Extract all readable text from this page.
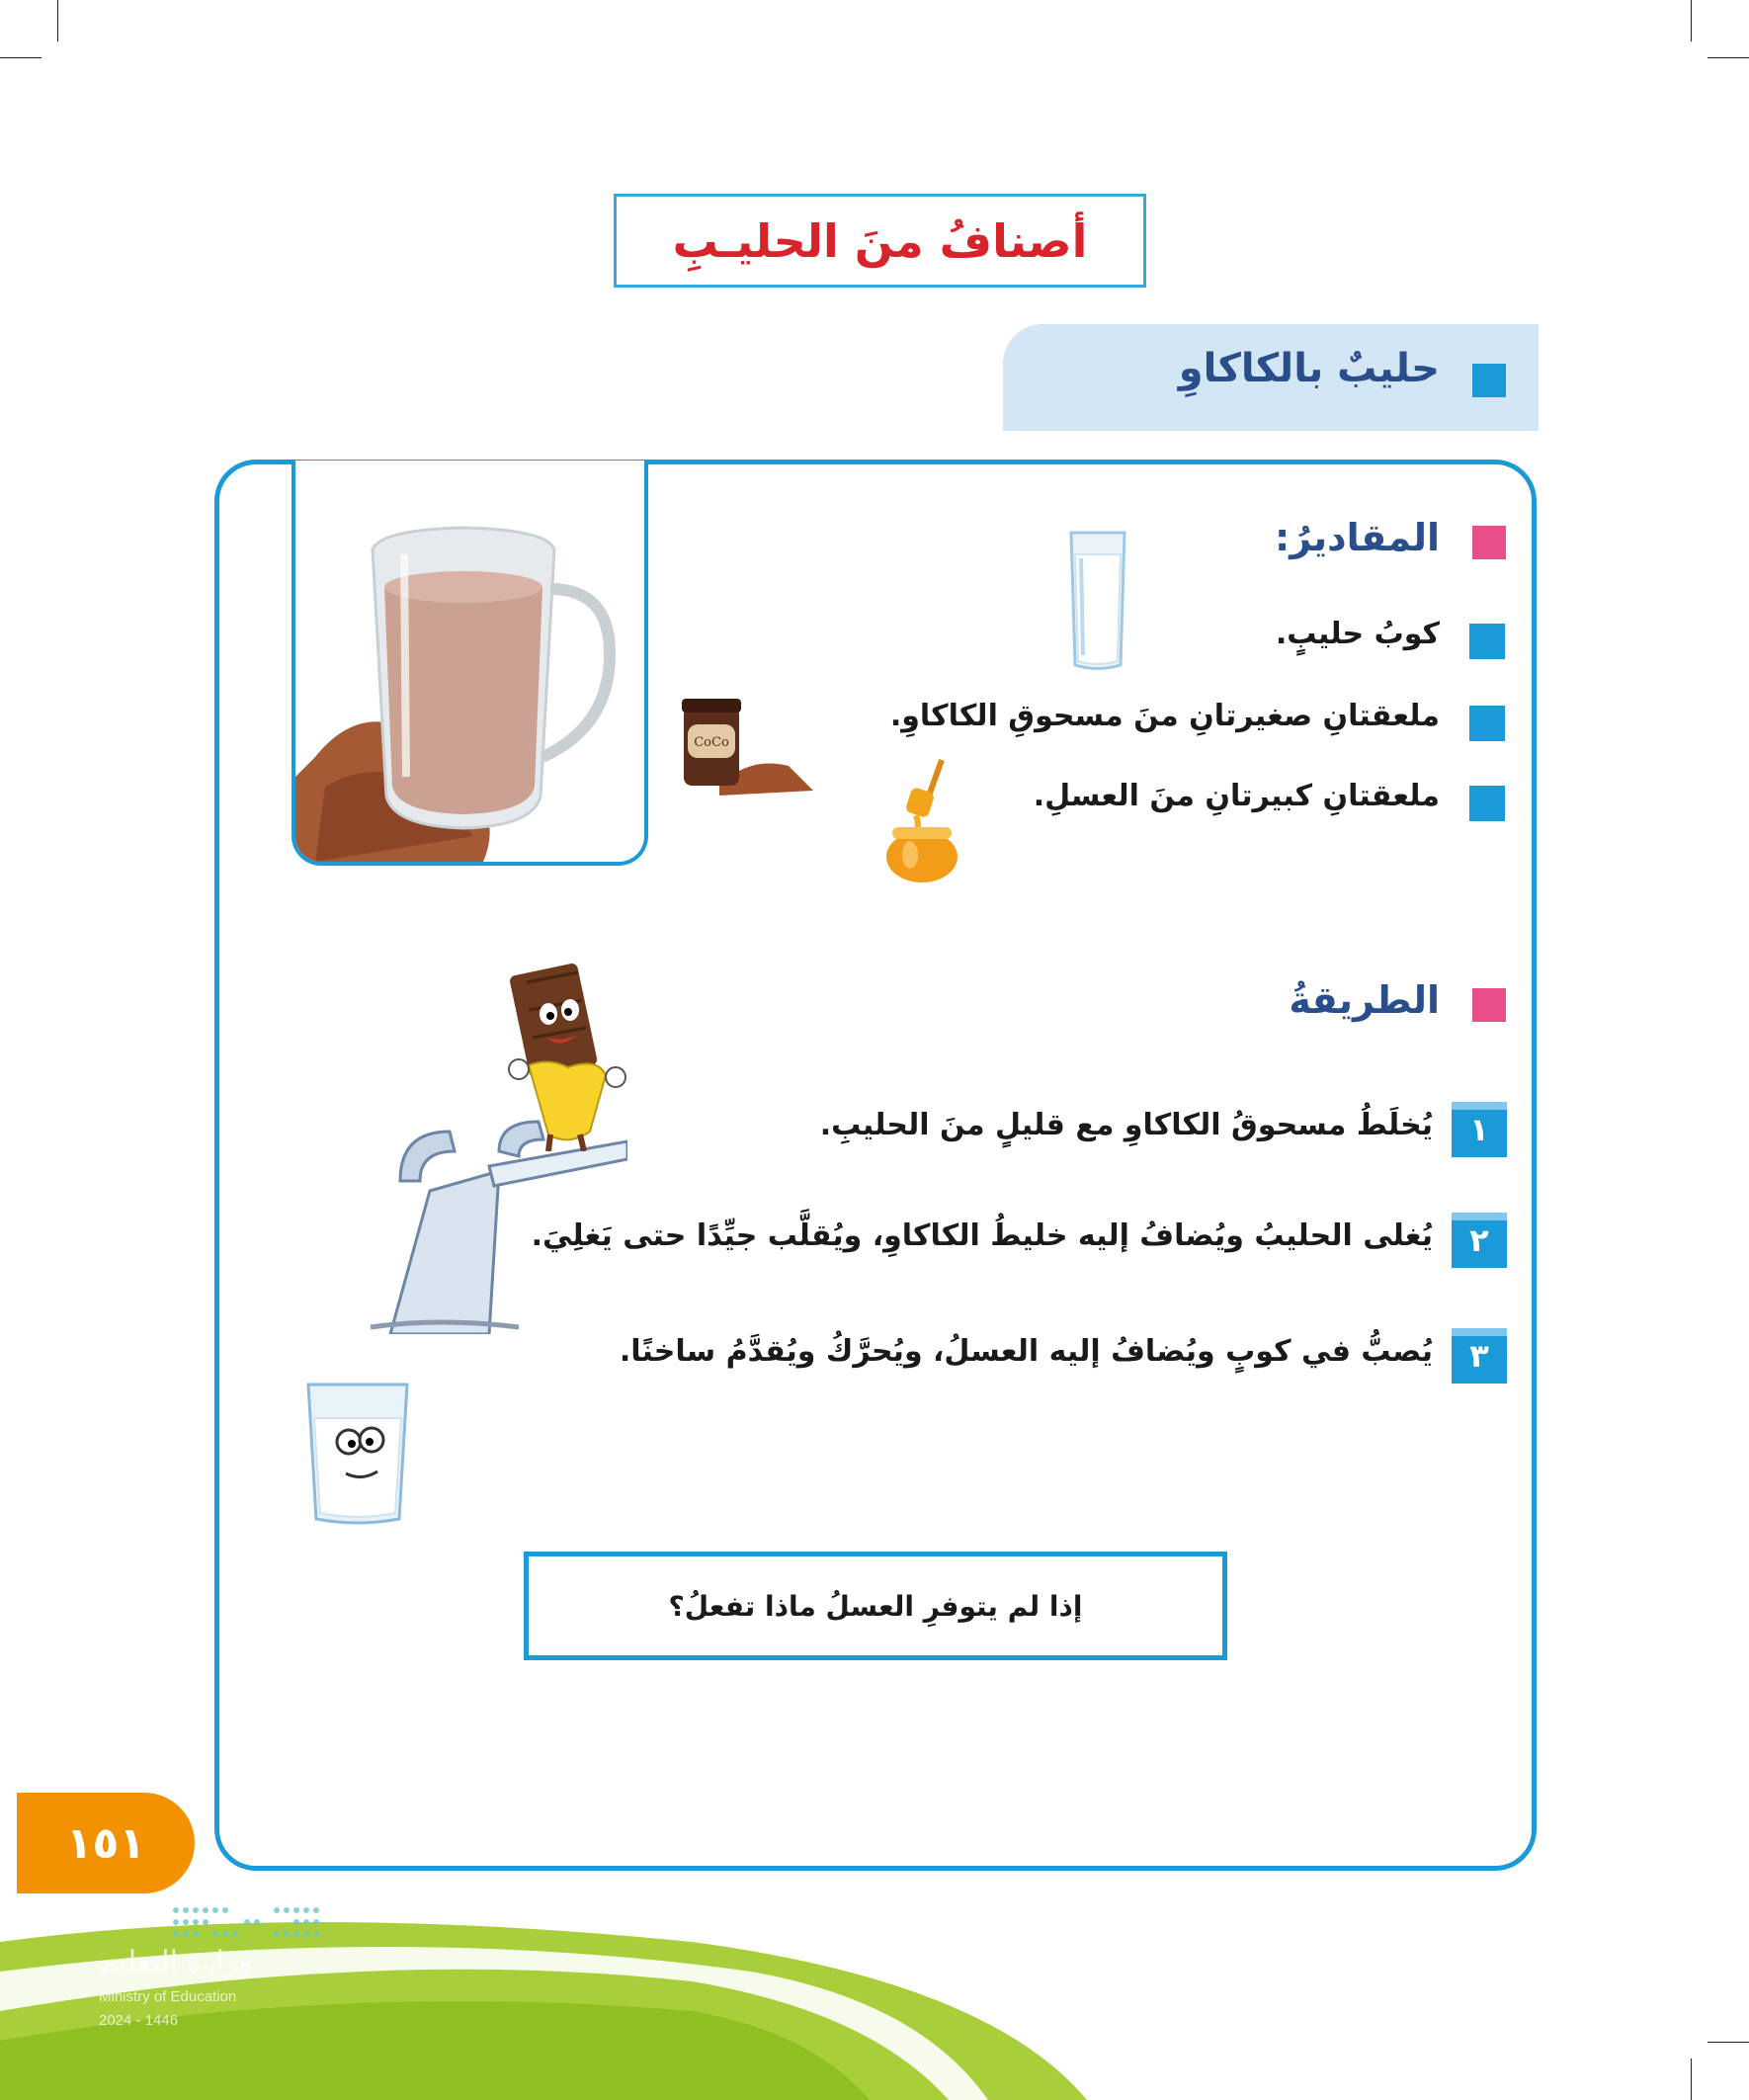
أصنافُ منَ الحليـبِ
حليبٌ بالكاكاوِ
المقاديرُ:
كوبُ حليبٍ.
ملعقتانِ صغيرتانِ منَ مسحوقِ الكاكاوِ.
ملعقتانِ كبيرتانِ منَ العسلِ.
CoCo
الطريقةُ
١
يُخلَطُ مسحوقُ الكاكاوِ مع قليلٍ منَ الحليبِ.
٢
يُغلى الحليبُ ويُضافُ إليه خليطُ الكاكاوِ، ويُقلَّب جيِّدًا حتى يَغلِيَ.
٣
يُصبُّ في كوبٍ ويُضافُ إليه العسلُ، ويُحرَّكُ ويُقدَّمُ ساخنًا.
إذا لم يتوفرِ العسلُ ماذا تفعلُ؟
١٥١
وزارة التعليم
Ministry of Education
2024 - 1446
